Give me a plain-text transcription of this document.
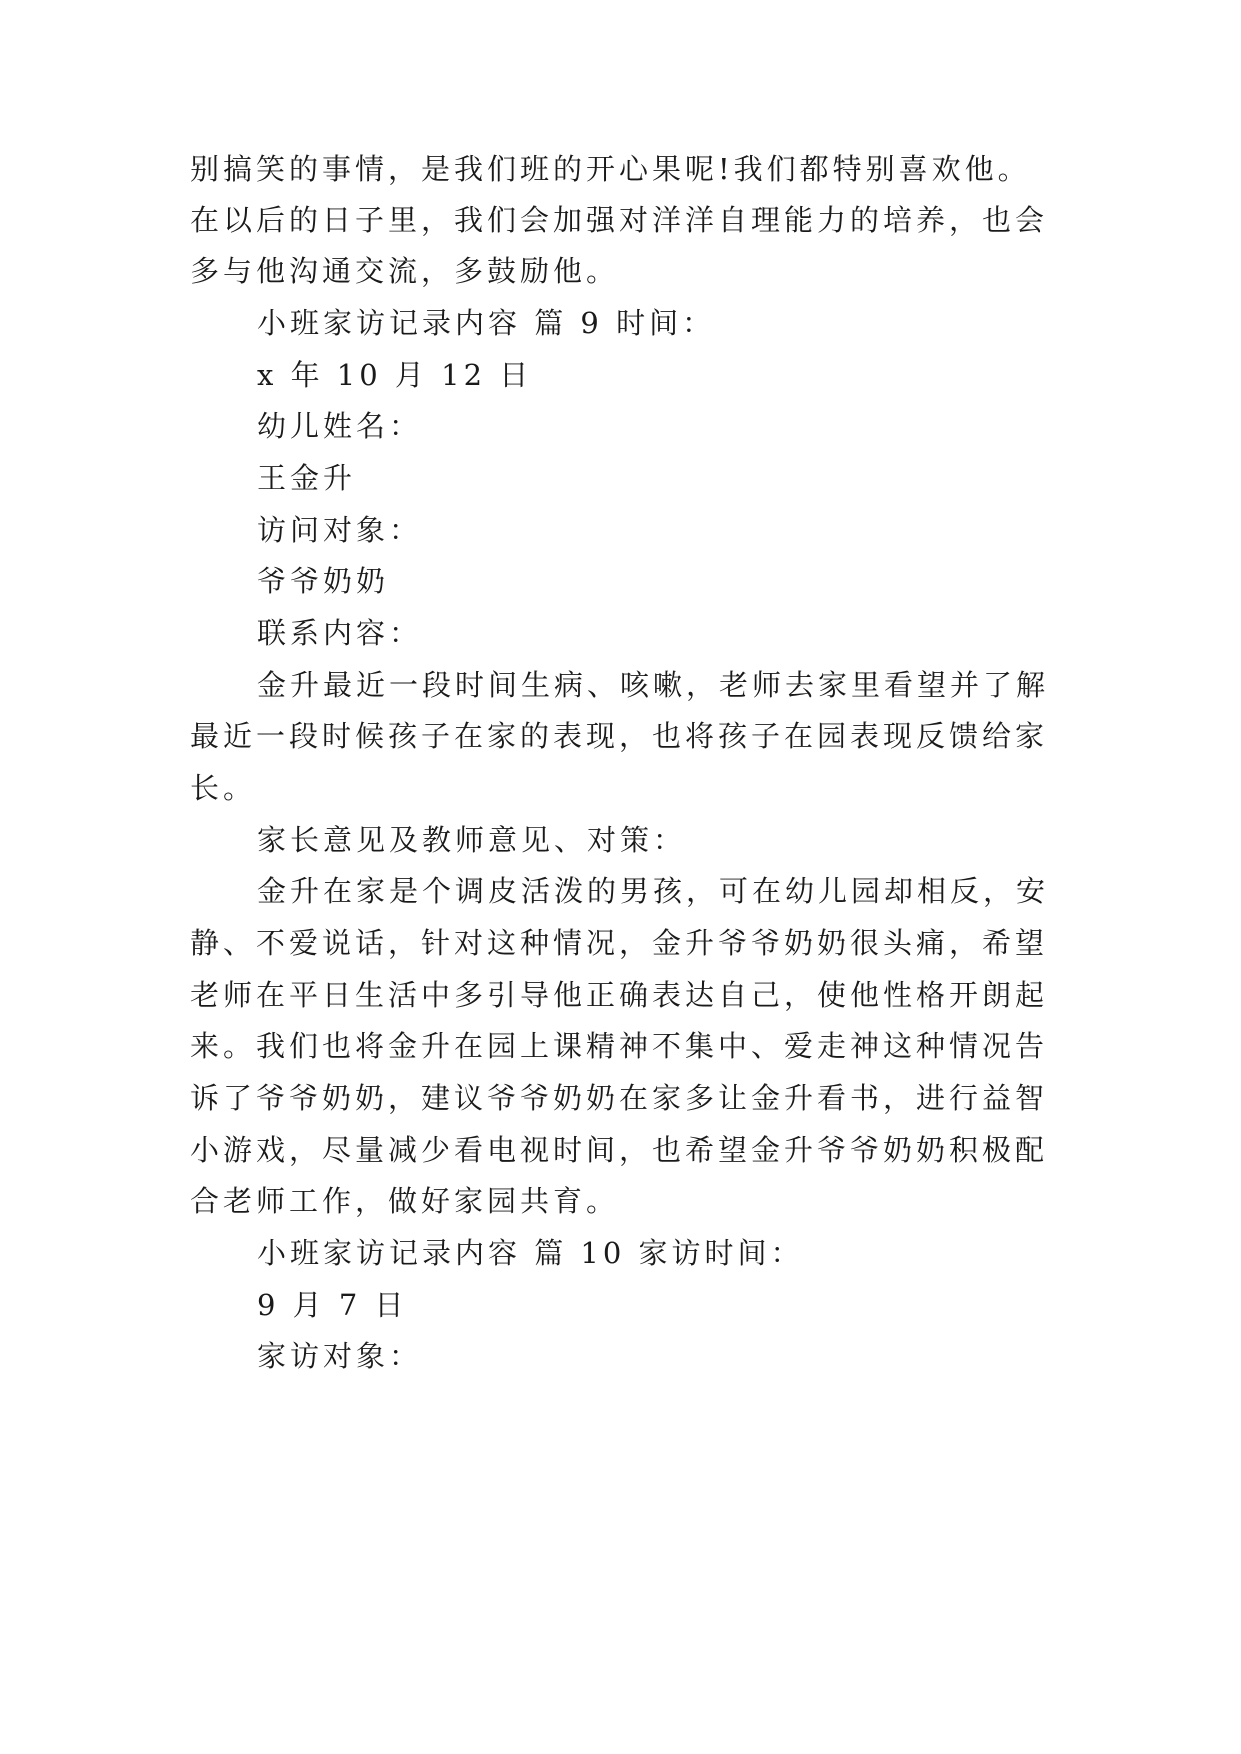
别搞笑的事情，是我们班的开心果呢!我们都特别喜欢他。
在以后的日子里，我们会加强对洋洋自理能力的培养，也会
多与他沟通交流，多鼓励他。
小班家访记录内容 篇 9 时间：
x 年 10 月 12 日
幼儿姓名：
王金升
访问对象：
爷爷奶奶
联系内容：
金升最近一段时间生病、咳嗽，老师去家里看望并了解
最近一段时候孩子在家的表现，也将孩子在园表现反馈给家
长。
家长意见及教师意见、对策：
金升在家是个调皮活泼的男孩，可在幼儿园却相反，安
静、不爱说话，针对这种情况，金升爷爷奶奶很头痛，希望
老师在平日生活中多引导他正确表达自己，使他性格开朗起
来。我们也将金升在园上课精神不集中、爱走神这种情况告
诉了爷爷奶奶，建议爷爷奶奶在家多让金升看书，进行益智
小游戏，尽量减少看电视时间，也希望金升爷爷奶奶积极配
合老师工作，做好家园共育。
小班家访记录内容 篇 10 家访时间：
9 月 7 日
家访对象：
